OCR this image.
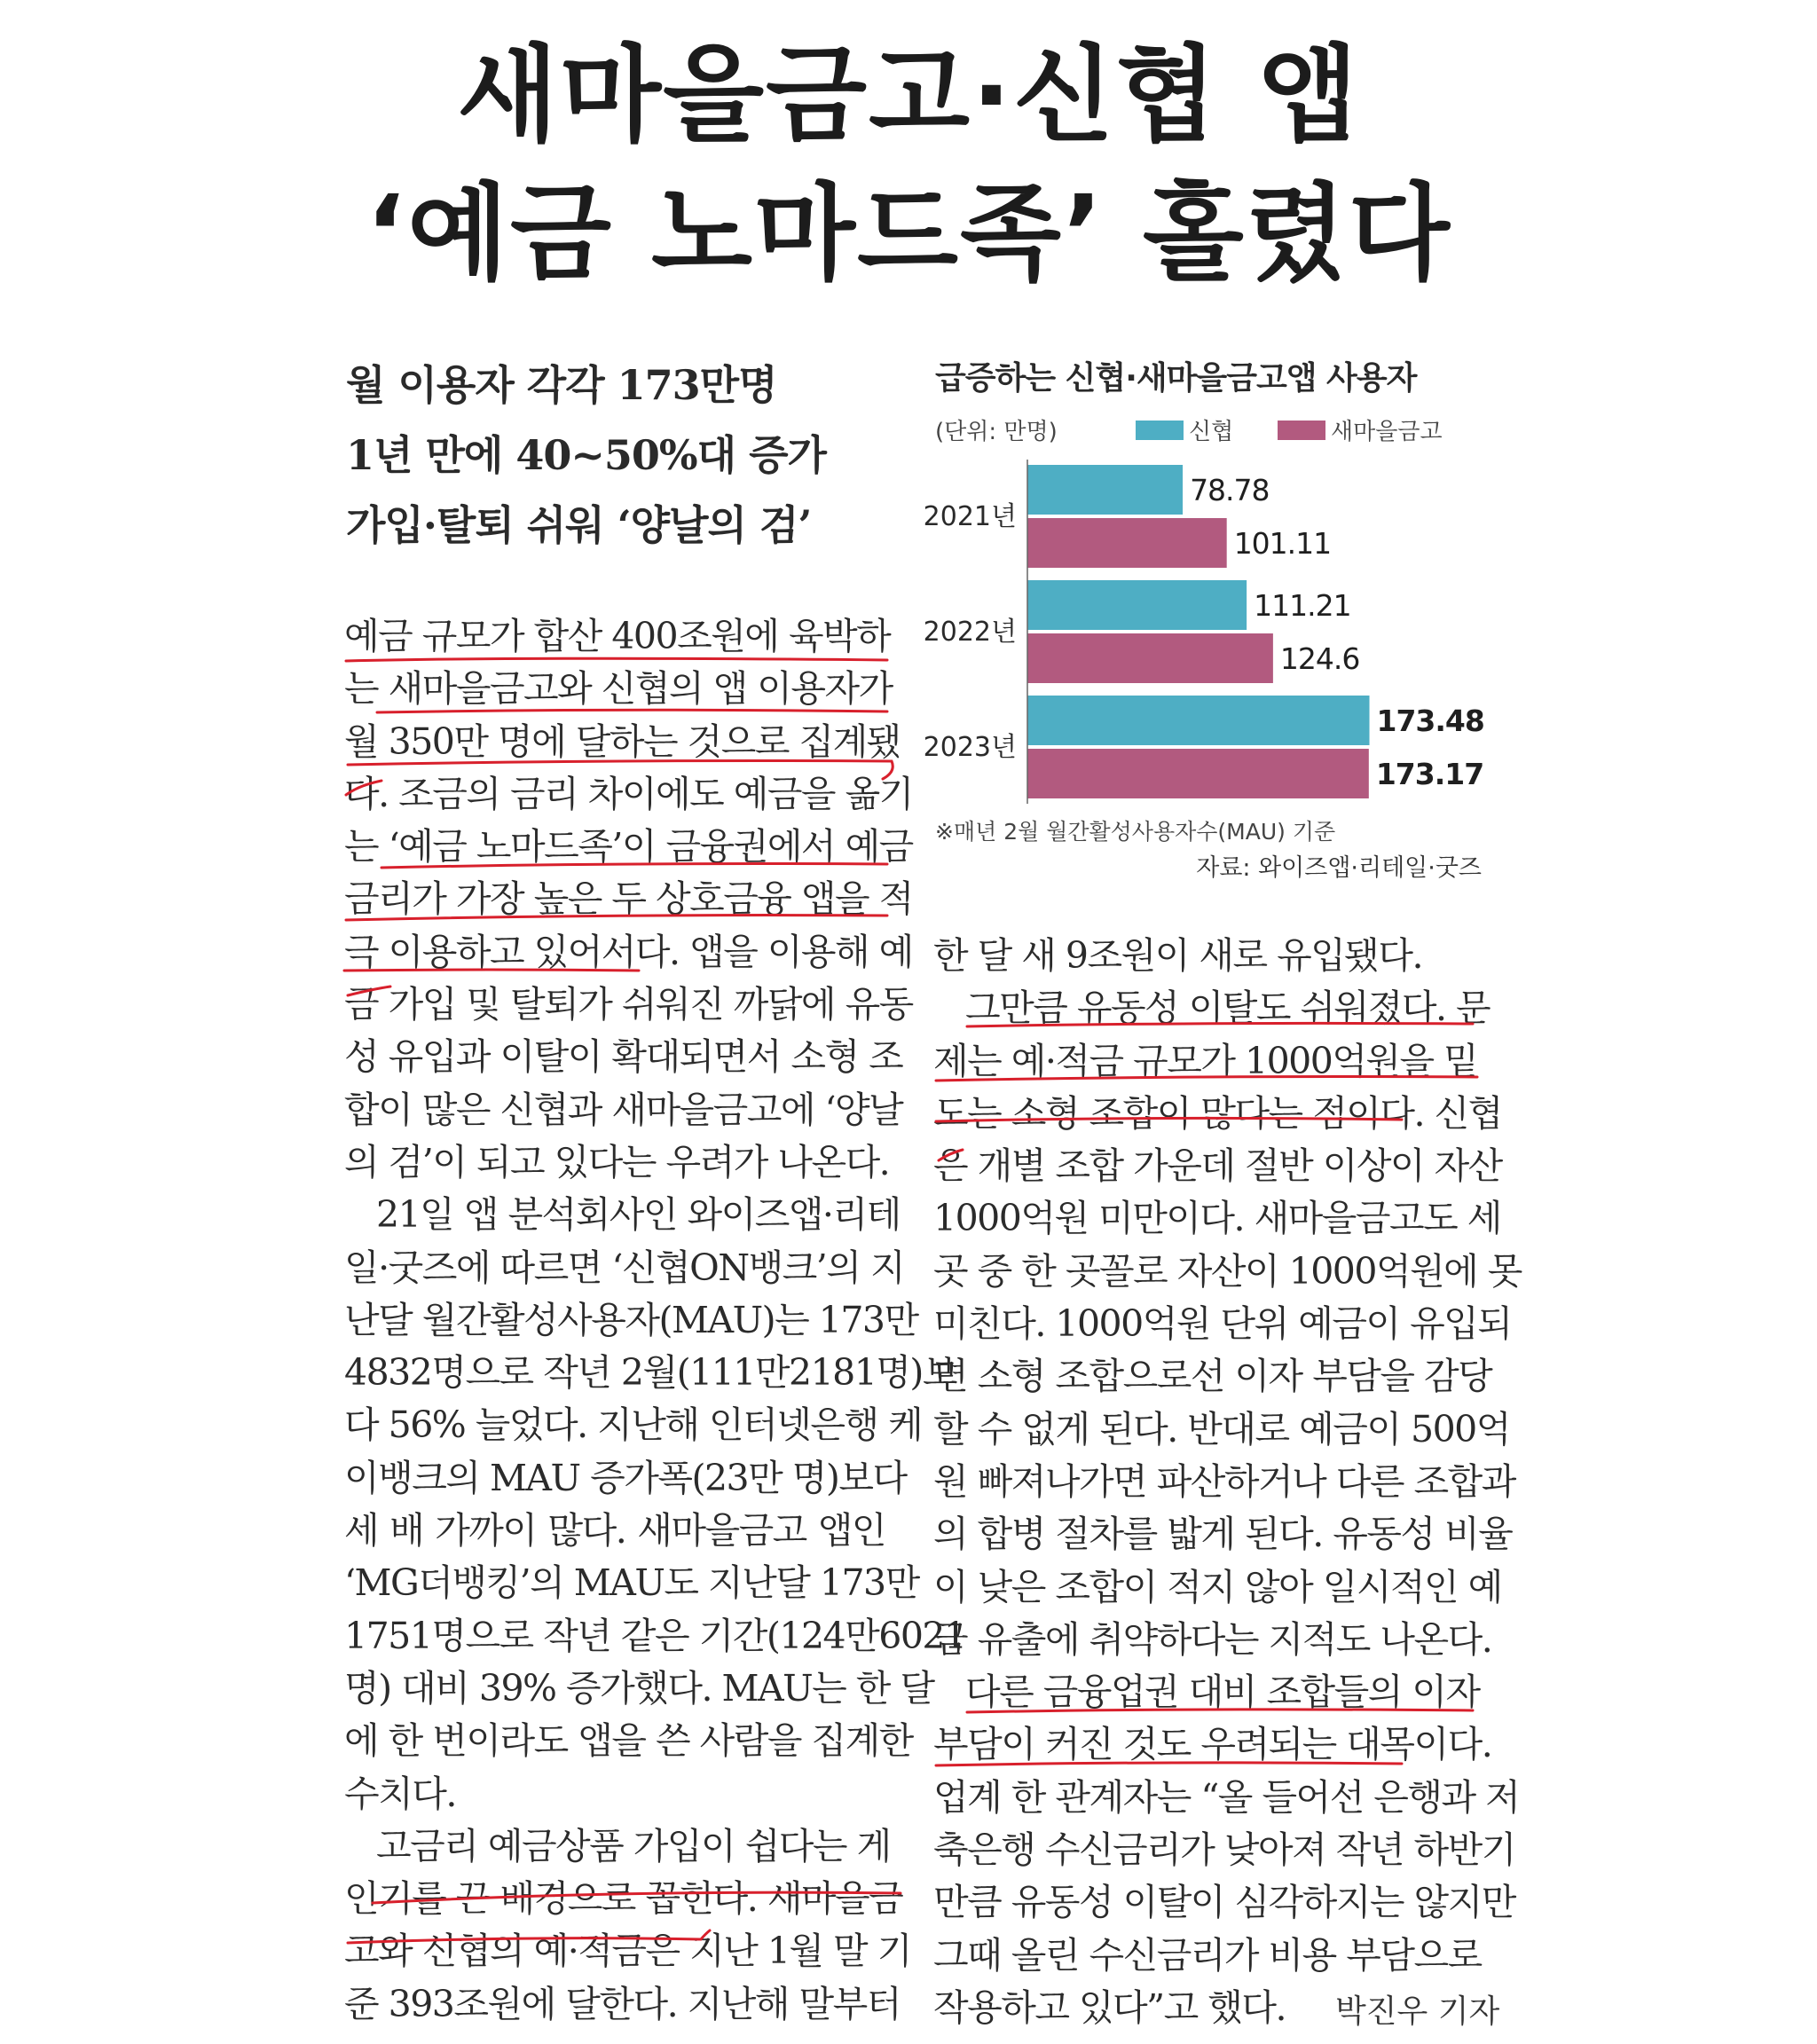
새마을금고·신협 앱
‘예금 노마드족’ 홀렸다
월 이용자 각각 173만명
1년 만에 40~50%대 증가
가입·탈퇴 쉬워 ‘양날의 검’
예금 규모가 합산 400조원에 육박하
는 새마을금고와 신협의 앱 이용자가
월 350만 명에 달하는 것으로 집계됐
다. 조금의 금리 차이에도 예금을 옮기
는 ‘예금 노마드족’이 금융권에서 예금
금리가 가장 높은 두 상호금융 앱을 적
극 이용하고 있어서다. 앱을 이용해 예
금 가입 및 탈퇴가 쉬워진 까닭에 유동
성 유입과 이탈이 확대되면서 소형 조
합이 많은 신협과 새마을금고에 ‘양날
의 검’이 되고 있다는 우려가 나온다.
21일 앱 분석회사인 와이즈앱·리테
일·굿즈에 따르면 ‘신협ON뱅크’의 지
난달 월간활성사용자(MAU)는 173만
4832명으로 작년 2월(111만2181명)보
다 56% 늘었다. 지난해 인터넷은행 케
이뱅크의 MAU 증가폭(23만 명)보다
세 배 가까이 많다. 새마을금고 앱인
‘MG더뱅킹’의 MAU도 지난달 173만
1751명으로 작년 같은 기간(124만6021
명) 대비 39% 증가했다. MAU는 한 달
에 한 번이라도 앱을 쓴 사람을 집계한
수치다.
고금리 예금상품 가입이 쉽다는 게
인기를 끈 배경으로 꼽힌다. 새마을금
고와 신협의 예·적금은 지난 1월 말 기
준 393조원에 달한다. 지난해 말부터
한 달 새 9조원이 새로 유입됐다.
그만큼 유동성 이탈도 쉬워졌다. 문
제는 예·적금 규모가 1000억원을 밑
도는 소형 조합이 많다는 점이다. 신협
은 개별 조합 가운데 절반 이상이 자산
1000억원 미만이다. 새마을금고도 세
곳 중 한 곳꼴로 자산이 1000억원에 못
미친다. 1000억원 단위 예금이 유입되
면 소형 조합으로선 이자 부담을 감당
할 수 없게 된다. 반대로 예금이 500억
원 빠져나가면 파산하거나 다른 조합과
의 합병 절차를 밟게 된다. 유동성 비율
이 낮은 조합이 적지 않아 일시적인 예
금 유출에 취약하다는 지적도 나온다.
다른 금융업권 대비 조합들의 이자
부담이 커진 것도 우려되는 대목이다.
업계 한 관계자는 “올 들어선 은행과 저
축은행 수신금리가 낮아져 작년 하반기
만큼 유동성 이탈이 심각하지는 않지만
그때 올린 수신금리가 비용 부담으로
작용하고 있다”고 했다.
급증하는 신협·새마을금고앱 사용자
(단위: 만명)	신협	새마을금고
2021년
78.78
101.11
2022년
111.21
124.6
2023년
173.48
173.17
※매년 2월 월간활성사용자수(MAU) 기준
자료: 와이즈앱·리테일·굿즈
박진우 기자
